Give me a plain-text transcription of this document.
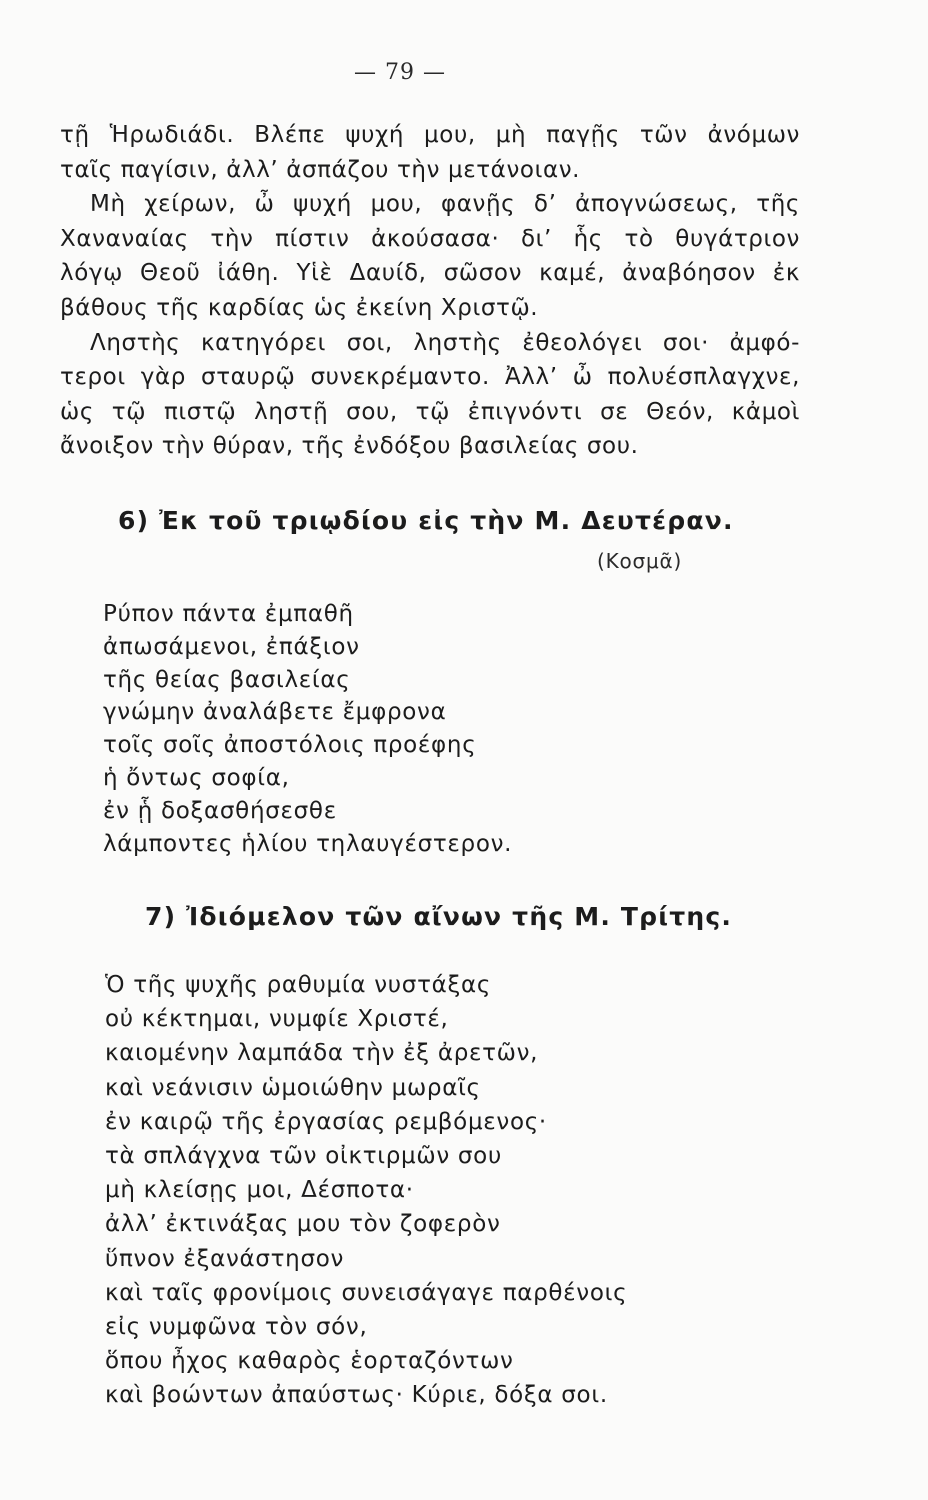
— 79 —
τῇ Ἡρωδιάδι. Βλέπε ψυχή μου, μὴ παγῇς τῶν ἀνόμων
ταῖς παγίσιν, ἀλλ’ ἀσπάζου τὴν μετάνοιαν.
Μὴ χείρων, ὦ ψυχή μου, φανῇς δ’ ἀπογνώσεως, τῆς
Χαναναίας τὴν πίστιν ἀκούσασα· δι’ ἧς τὸ θυγάτριον
λόγῳ Θεοῦ ἰάθη. Υἱὲ Δαυίδ, σῶσον καμέ, ἀναβόησον ἐκ
βάθους τῆς καρδίας ὡς ἐκείνη Χριστῷ.
Ληστὴς κατηγόρει σοι, ληστὴς ἐθεολόγει σοι· ἀμφό-
τεροι γὰρ σταυρῷ συνεκρέμαντο. Ἀλλ’ ὦ πολυέσπλαγχνε,
ὡς τῷ πιστῷ ληστῇ σου, τῷ ἐπιγνόντι σε Θεόν, κἀμοὶ
ἄνοιξον τὴν θύραν, τῆς ἐνδόξου βασιλείας σου.
6) Ἐκ τοῦ τριῳδίου εἰς τὴν Μ. Δευτέραν.
(Κοσμᾶ)
Ρύπον πάντα ἐμπαθῆ
ἀπωσάμενοι, ἐπάξιον
τῆς θείας βασιλείας
γνώμην ἀναλάβετε ἔμφρονα
τοῖς σοῖς ἀποστόλοις προέφης
ἡ ὄντως σοφία,
ἐν ᾗ δοξασθήσεσθε
λάμποντες ἡλίου τηλαυγέστερον.
7) Ἰδιόμελον τῶν αἴνων τῆς Μ. Τρίτης.
Ὁ τῆς ψυχῆς ραθυμία νυστάξας
οὐ κέκτημαι, νυμφίε Χριστέ,
καιομένην λαμπάδα τὴν ἐξ ἀρετῶν,
καὶ νεάνισιν ὡμοιώθην μωραῖς
ἐν καιρῷ τῆς ἐργασίας ρεμβόμενος·
τὰ σπλάγχνα τῶν οἰκτιρμῶν σου
μὴ κλείσῃς μοι, Δέσποτα·
ἀλλ’ ἐκτινάξας μου τὸν ζοφερὸν
ὕπνον ἐξανάστησον
καὶ ταῖς φρονίμοις συνεισάγαγε παρθένοις
εἰς νυμφῶνα τὸν σόν,
ὅπου ἦχος καθαρὸς ἑορταζόντων
καὶ βοώντων ἀπαύστως· Κύριε, δόξα σοι.
